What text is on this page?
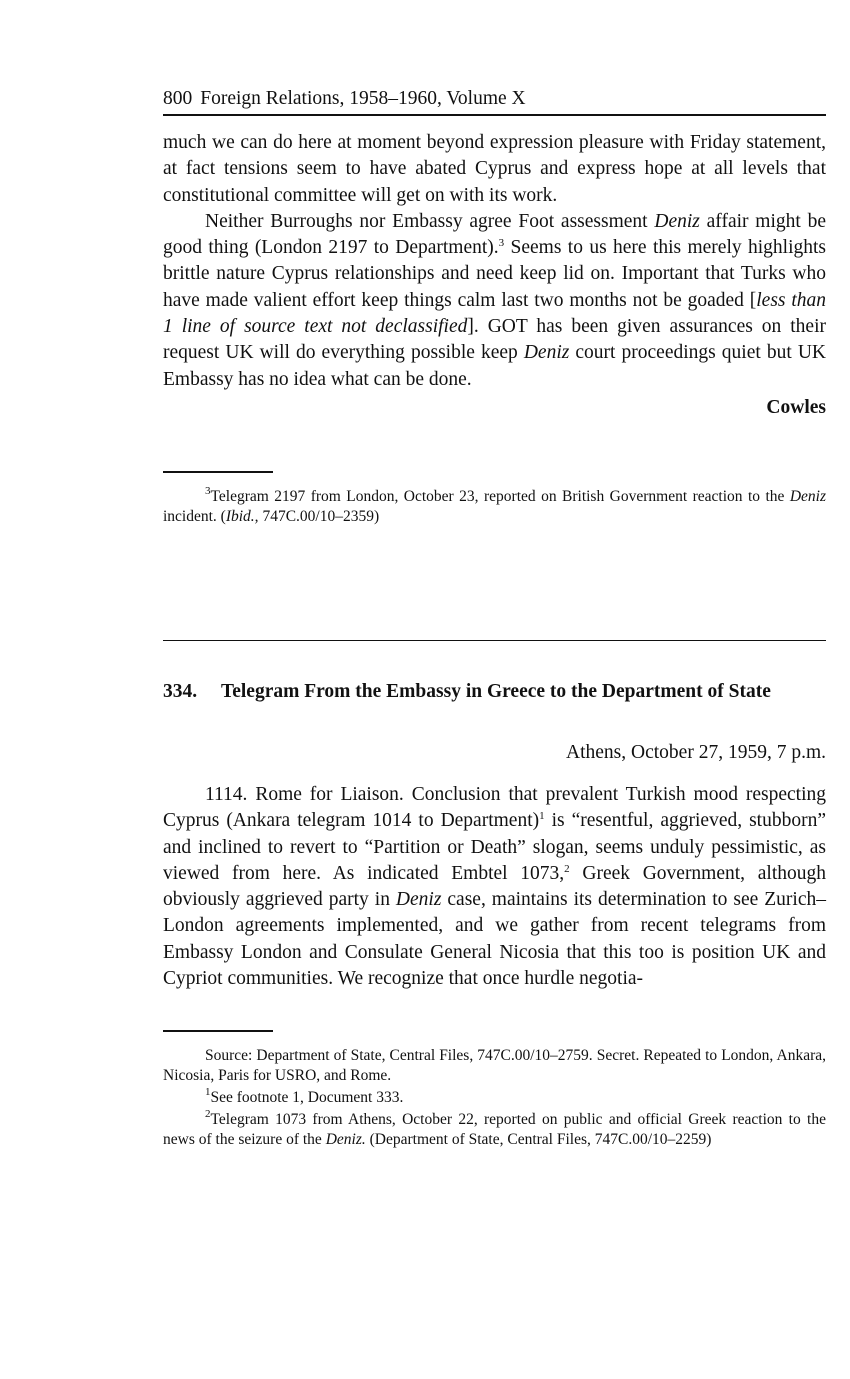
800 Foreign Relations, 1958–1960, Volume X

much we can do here at moment beyond expression pleasure with Friday statement, at fact tensions seem to have abated Cyprus and express hope at all levels that constitutional committee will get on with its work.

Neither Burroughs nor Embassy agree Foot assessment Deniz affair might be good thing (London 2197 to Department).$^3$ Seems to us here this merely highlights brittle nature Cyprus relationships and need keep lid on. Important that Turks who have made valient effort keep things calm last two months not be goaded [less than 1 line of source text not declassified]. GOT has been given assurances on their request UK will do everything possible keep Deniz court proceedings quiet but UK Embassy has no idea what can be done.

Cowles

$^3$Telegram 2197 from London, October 23, reported on British Government reaction to the Deniz incident. (Ibid., 747C.00/10–2359)

334.	Telegram From the Embassy in Greece to the Department of State
Athens, October 27, 1959, 7 p.m.

1114. Rome for Liaison. Conclusion that prevalent Turkish mood respecting Cyprus (Ankara telegram 1014 to Department)$^1$ is “resentful, aggrieved, stubborn” and inclined to revert to “Partition or Death” slogan, seems unduly pessimistic, as viewed from here. As indicated Embtel 1073,$^2$ Greek Government, although obviously aggrieved party in Deniz case, maintains its determination to see Zurich–London agreements implemented, and we gather from recent telegrams from Embassy London and Consulate General Nicosia that this too is position UK and Cypriot communities. We recognize that once hurdle negotia-

Source: Department of State, Central Files, 747C.00/10–2759. Secret. Repeated to London, Ankara, Nicosia, Paris for USRO, and Rome.

$^1$See footnote 1, Document 333.

$^2$Telegram 1073 from Athens, October 22, reported on public and official Greek reaction to the news of the seizure of the Deniz. (Department of State, Central Files, 747C.00/10–2259)
